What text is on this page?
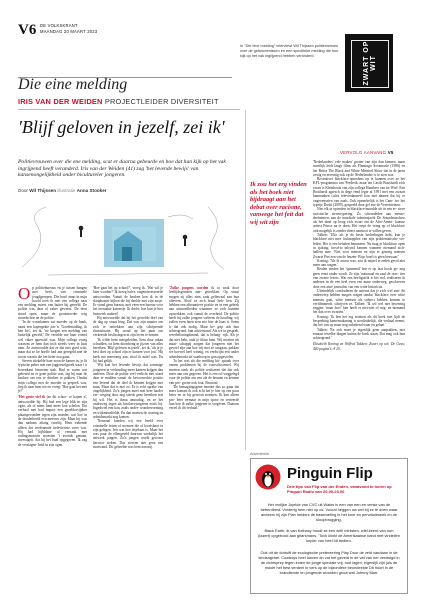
V6 DE VOLKSKRANT
MAANDAG 20 MAART 2023
In "Die eine melding" interviewt Wil Thijssen politiemensen over de gebeurtenissen en een specifieke melding die hun kijk op het vak ingrijpend hebben veranderd.	ZWART OP WIT
Die eine melding
IRIS VAN DER WEIDEN PROJECTLEIDER DIVERSITEIT
'Blijf geloven in jezelf, zei ik'
Politievrouwen over die ene melding, scat er daarna gebeurde en hoe dat hun kijk op het vak ingrijpend heeft veranderd. Iris van der Weiden (41) zag 'het levende bewijs' van kansenongelijkheid onder bicultureler jongeren.
Door Wil Thijssen illustratie Anna Stooker
O p politiebureaus en je tussen hangen met hen's van criminele jeugdgroepen. Die hun't anno in mijn hoofd toen ik met een collega naar een melding moest van buiter bij gereeld. De politie was daar al vaker geweest. De deur stond open, maar de grootmoeder weg avondschoe ne de politie.
'In de woonkamer zat moeder op de bank, naast een kapergekte jon-'n. 'Goedemiddag, ik ben Iris', zei ik, 'we kregen een melding van huiselijk geweld.' De vertelde me haar vriend wel vaker agressief was. Mijn collega vroeg waarom ze hem dan toch steeds weer in huis nam. Ze antwoordde dat ze dat niet goed wist, maar dat ze he hoefle had aan geregeld met de troots waarin die het beter zou gaan.
Steven stiekelde haar zoon de kamer in, je lit typische puber met een jaggerstelgroek waar i it bovenkant hinweien stak. Had er warm wat gebeurd en er geen politie was, lag hij naar de keuken om iets te drinken te pakken. Omdat mijn collega met de moeder in gesprek was, liep ik naar hem toe en vroeg: 'Hoe gaat het met je?'
'Het grote viel ik (ze dit schoo- ce kajem n', antwoordde hij. Hij had een lege blik in zijn ogen, als of mens hem meer kon schelen. Dat verhaal met had impact een gezeldorsijnker plaatsgevonden tegen zijn moeder, wat hoe in de donderbeeld een meerres zijn. Maar hij was dan nathans afiang voorbij. Hem trekende alleen dat verdenende itelevierisie weet was. Hij had bijbldane al vernaak met ordingsmotorin moesten 't avonds genaan, investigett, dat hij het haal opgegeven. Ik zag de verslagen- heid in zijn ogen.
'Hoe gaat het op school?', vroeg ik. 'Wat wil je later worden?' Ik kreeg halve, ongeinteresseerde antwoorden. Vanuit de keuken kon ik in de slaapkamer kijken die hij deelde met zijn zusje. Er stond geen bureau, met veen een bureau voor het toeraakte kamertje. Ik dacht: hoe kun je hier huiswerk maken?
Hij antwoordde dat hij het geweldo deel van de dag op straat hing. Dat was zijn manier om zich te ontrekken aan zijn schrijnende thuissituatie. Hij stond op het punt om verkeerde beslissingen in zijn leven te nemen.
'Ik wilde hem meegeleiden, hem door rakan schudden, tot hem doordrong in jijzoet van alles bereiken. 'Blijf geloven in jezelf', zei ik, 'als je je best doet op school zijn er kansen voor jou.' Hij keek me meewarig aan, alsof ik naief was. En hij had gelijk.
'Wij kon het levende bewijs dat sommige jongeren in verhouding meer kansen krijgen dan anderen. Door de politie veel verlicht met stond daar te midden vanuit de bevoorrechte positie een levend dat de deel ik kennen krijgen met mun, Maar dat is niet zo. Er is echt sprake van ongelijkheid. Zo'n jongen moet met heer harder ver- weging door nog steeds geen bereiken wat hij wil. Het is theaa amouthig, en ze het onderweg tegen als bruikervjongeren zoals hij. Ingedwiel een kan, zoals onder- wondervorming en wijkmenslielde. En dan moeten de woning en arbeidsmarkt nog komen.
'Normaal bonden wij een beeld over criminelle fetten of mensen die of kwetsbaar in zijn gelegen. Iets wat hoe ietjebaar is. Maar het was puur de ellengeteld daarvan werkelijk het netwerk jongen. Zo'n jongen wordt gewoon hervoor stoken. Dus sterven niet geen een moewand. Dit gebeelde was hem aan mij.
'Zulke jongens worden ik ta vaak door leeftijdsgenoten aan- getrokken. Op straat mogen zij alles zien, raak geliewaal aan hun aftevent. Alsof ze zich braaf heb- ben. Zij hebben een alternatieve positie en in een gebrek aan uitmoeilheden waarmee ze zich kunnen opwerkken, ook vanuit de overheid. De politie heeft bij zulke jongens weleens de houding: wij zullen even laten zien wie hier de baas is. Soms is dat ook nodig. Maar be- grip ook hun achtergrond, hun achterstand. Als we in gesprek, weerbeloningdinand, dat is belang- rijk. Als je dat niet hebt, raak je iffaar hem. Wij moeten als maat- schappij zorgen dat jongeren niet het gevoel zijn aan hoe wij met ze omgaan, pakken we hoewel heel weinig, en verdwijnt een ander arbeidsmarkt uit wanhoop in gun opgevielen.
'Ja het was als die melding kit- spraak over enorm problemen bij de voorschoonwel. Wij moeten sterk als politie realiseren dat dat ook meer aan ons gegeven. Het is een rol weggelegd voor de politie om een ale de beunen en kennen van pro- grotre ook fout. Bruciaal
'De bemagtingsgene moeten dus zo gaan dat meer kansen ik ook echt het je hier op een puur beter en in hij gewoon noemen. Ik kan alleen pro- beer rermaar in mijn spoor en verteerde hun hoe ik zulke jongeren te vergeven. Daarom vertel ik dit verhaal.'
VERVOLG AANVANG V5
Ik zou het erg vinden als het boek niet bijdraagt aan het debat over racisme, vanwege het feit dat wij wit zijn
'Nederlanders' vele maken' grotter van zijn dan kennen, maar moeilijk leidt langs films als Flamingo Sovamusle (1986) en het Britse The Black and White Minstrel Show dat in de jaren zestig en zeventig ook op de Nederlandse tv te zien was.
Boventiver blackface-optredens op te kunnen over ze het KFL-programma van 'Frederik, maar ten Castle Boushardt zich zwart is Kleinhouts van zijn collega Humbert van ter Wiel. Een Bouthardt agresch in dege eend legte af 1991 met een zwaart hamnanhen cultis televerdarmeel kon met damen dat bij er ongevenseten van zaals. Ook opmerkelijk is het Cam- ivo het typetje Dushi (2009), gespeeld door gel ene de Verreisteinen.
Niet elk te optreden in blackface-mondde uit in een er- rieve racistische stereotypering. Zo scheurdeden aan mense- deelnemers aan de muzikale talentenjacht De Soundmixshow als het dane op hoog zich zwart om de Afro-Ameri- kaanse artiest Prince na te doen. Het roept de vraag op of blackface ook mogelijk is zonder direct aanstoot te willen geven.
Talken: 'Ulfo als je de beste bedoelingen hebt, kun je blackface niet mee losknopplen van zijn problematische ver- leden. Het is een beladen fenomeen. Nu mag je blackface open in sjaking; forsd-to inlrynd kennen wanneer niemand zich- hallem mee. 'Niet voor mensen en zijn er genoeg mensen Zwarte Piet een van de leuzen- Bojo hoeft is geen bezwaar.'
Koning: 'Als ik acteur was, zou ik mijzel te zeden geval niet meer aan wagen.'
Beiden vinden het 'spannend' hoe er op laat hoofs ge- nog geen ernst onder wordt. Ze zijn 'nationaal en zaal de reac- ties van zwarte lezers. Wat een heeftgrafik is het wel, realiseren ik anderen in de een heel even een maar onderweg, geschreven door een aitre journalist van een witte historicus.
Uiteindelijk concluderen de auteurs dat je zich wel aan- dit onderwerp hebben mogen wagen omdat 'blackface over witte mensen gaat, witte mensen als subject hebben kennen te verfilmmerdt, schrijven ze. Talken: 'Ik wil wel niet bewering zeggen: 'maar hoe? hier heeft er niet-niet of nog- en niemand het dan over zwarten.'
Koning: 'Ik ben het erg trotzien als dit boek niet lijdt de bespreking kamensakaning is noodzakelijk, die verhaal neemt, dat het van op maar nog onbekend waar en gelaat.'
Talken: 'En ook moet je eigenlijk geen aanpakken, niet ernaast tewelke dingen buiten de boek staan. Dat mag ook hun achtergrond.'
Elisabeth Koning en Wilfred Takken: Zwart op wit. De Geus; 440 pagina's; € 25.
Advertentie
Pinguin Flip
Drie tips van Flip van der Enden, vanavond te horen op Pinguin Radio van 20.00-23.00
Het vrolijke Joyride van CVC uit Wales is een van een en versie van de beberdbest. Vorderig hem niet op cd. Vooral heggen ow wel bij ze te doen waar andeem hij zijn Plan helders de basemeting in het koor en pervatuleseek en de kloopbrugging.
Black Earth, lk van Kelbacy houdt ze een with ministen, wiel keerd van rum (lazert) opgetrock aan gitarsmans, 'Toch klinkt de Amerikaanse band met vindellen kepler van heel hit bedten.
Ook uit de dotruiff de ecologische prefereering Play Door de veld vandaan in de kindsagchel. Cowboys heel lancen dn vat het geveld in de vat van eer verdwigd in de zichtsprey tegen inden de jonge speciale vrij, rust lagen, eigenlijk zijn juis de mooie het best verdeel in vers op de bijzondere beondeelde Dit hoort in de brandiende en jongende woorden groot wat Johnny Marr.
